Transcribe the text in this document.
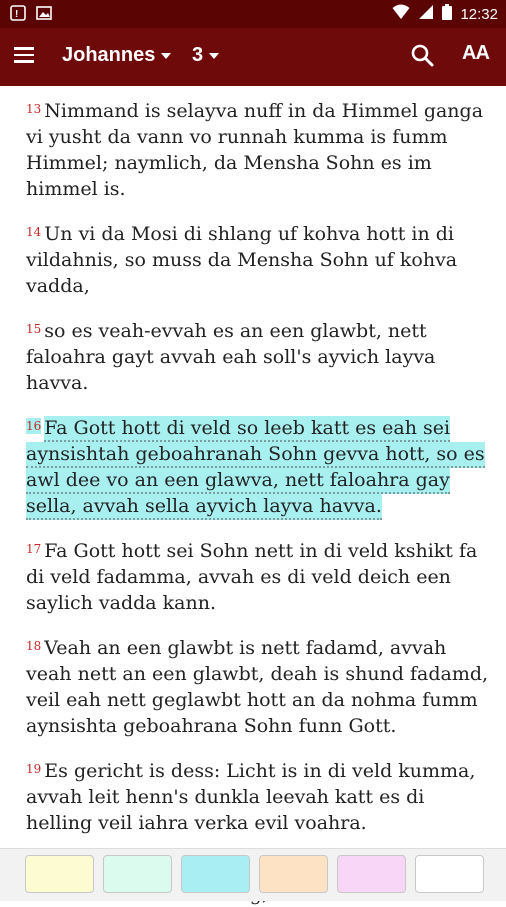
!	12:32
Johannes 3	AA
$^{13}$ Nimmand is selayva nuff in da Himmel ganga vi yusht da vann vo runnah kumma is fumm Himmel; naymlich, da Mensha Sohn es im himmel is.
$^{14}$ Un vi da Mosi di shlang uf kohva hott in di vildahnis, so muss da Mensha Sohn uf kohva vadda,
$^{15}$ so es veah-evvah es an een glawbt, nett faloahra gayt avvah eah soll's ayvich layva havva.
$^{16}$ Fa Gott hott di veld so leeb katt es eah sei aynsishtah geboahranah Sohn gevva hott, so es awl dee vo an een glawva, nett faloahra gay sella, avvah sella ayvich layva havva.
$^{17}$ Fa Gott hott sei Sohn nett in di veld kshikt fa di veld fadamma, avvah es di veld deich een saylich vadda kann.
$^{18}$ Veah an een glawbt is nett fadamd, avvah veah nett an een glawbt, deah is shund fadamd, veil eah nett geglawbt hott an da nohma fumm aynsishta geboahrana Sohn funn Gott.
$^{19}$ Es gericht is dess: Licht is in di veld kumma, avvah leit henn's dunkla leevah katt es di helling veil iahra verka evil voahra.
